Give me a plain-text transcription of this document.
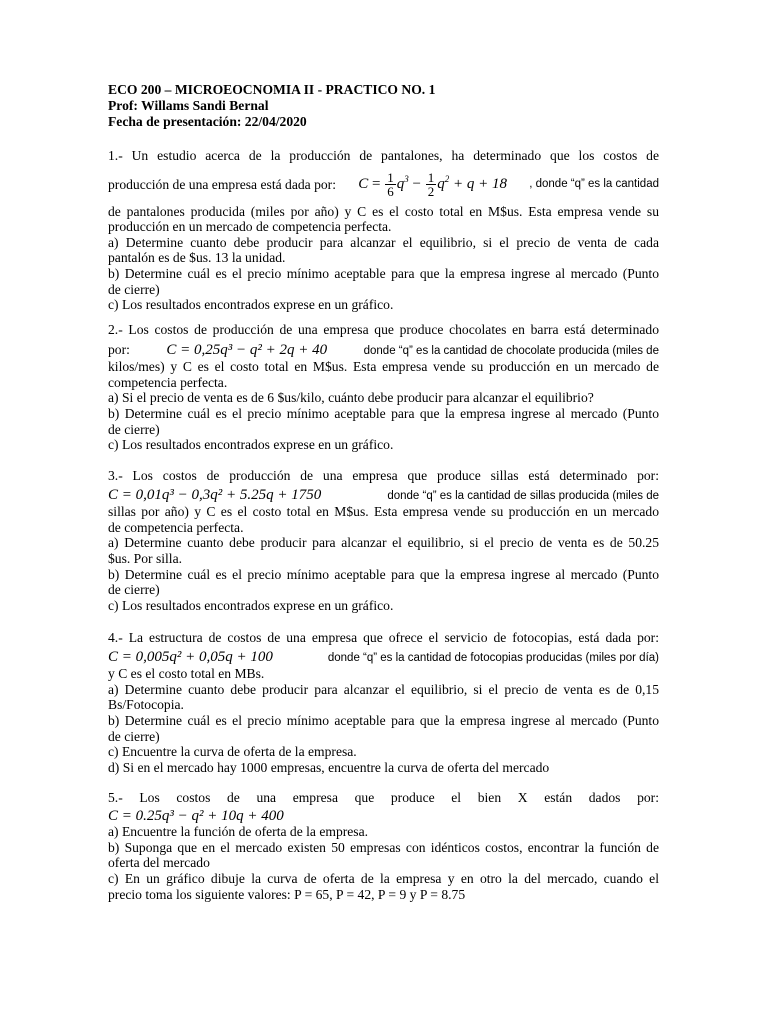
ECO 200 – MICROEOCNOMIA II - PRACTICO NO. 1
Prof: Willams Sandi Bernal
Fecha de presentación: 22/04/2020
1.- Un estudio acerca de la producción de pantalones, ha determinado que los costos de
producción de una empresa está dada por: $C = \frac{1}{6} q^3 - \frac{1}{2} q^2 + q + 18$ , donde “q” es la cantidad
de pantalones producida (miles por año) y C es el costo total en M$us. Esta empresa vende su
producción en un mercado de competencia perfecta.
a) Determine cuanto debe producir para alcanzar el equilibrio, si el precio de venta de cada
pantalón es de $us. 13 la unidad.
b) Determine cuál es el precio mínimo aceptable para que la empresa ingrese al mercado (Punto
de cierre)
c) Los resultados encontrados exprese en un gráfico.
2.- Los costos de producción de una empresa que produce chocolates en barra está determinado
por: C = 0,25q³ − q² + 2q + 40	donde “q” es la cantidad de chocolate producida (miles de
kilos/mes) y C es el costo total en M$us. Esta empresa vende su producción en un mercado de
competencia perfecta.
a) Si el precio de venta es de 6 $us/kilo, cuánto debe producir para alcanzar el equilibrio?
b) Determine cuál es el precio mínimo aceptable para que la empresa ingrese al mercado (Punto
de cierre)
c) Los resultados encontrados exprese en un gráfico.
3.- Los costos de producción de una empresa que produce sillas está determinado por:
C = 0,01q³ − 0,3q² + 5.25q + 1750	donde “q” es la cantidad de sillas producida (miles de
sillas por año) y C es el costo total en M$us. Esta empresa vende su producción en un mercado
de competencia perfecta.
a) Determine cuanto debe producir para alcanzar el equilibrio, si el precio de venta es de 50.25
$us. Por silla.
b) Determine cuál es el precio mínimo aceptable para que la empresa ingrese al mercado (Punto
de cierre)
c) Los resultados encontrados exprese en un gráfico.
4.- La estructura de costos de una empresa que ofrece el servicio de fotocopias, está dada por:
C = 0,005q² + 0,05q + 100	donde “q” es la cantidad de fotocopias producidas (miles por día)
y C es el costo total en MBs.
a) Determine cuanto debe producir para alcanzar el equilibrio, si el precio de venta es de 0,15
Bs/Fotocopia.
b) Determine cuál es el precio mínimo aceptable para que la empresa ingrese al mercado (Punto
de cierre)
c) Encuentre la curva de oferta de la empresa.
d) Si en el mercado hay 1000 empresas, encuentre la curva de oferta del mercado
5.- Los costos de una empresa que produce el bien X están dados por:
C = 0.25q³ − q² + 10q + 400
a) Encuentre la función de oferta de la empresa.
b) Suponga que en el mercado existen 50 empresas con idénticos costos, encontrar la función de
oferta del mercado
c) En un gráfico dibuje la curva de oferta de la empresa y en otro la del mercado, cuando el
precio toma los siguiente valores: P = 65, P = 42, P = 9 y P = 8.75
